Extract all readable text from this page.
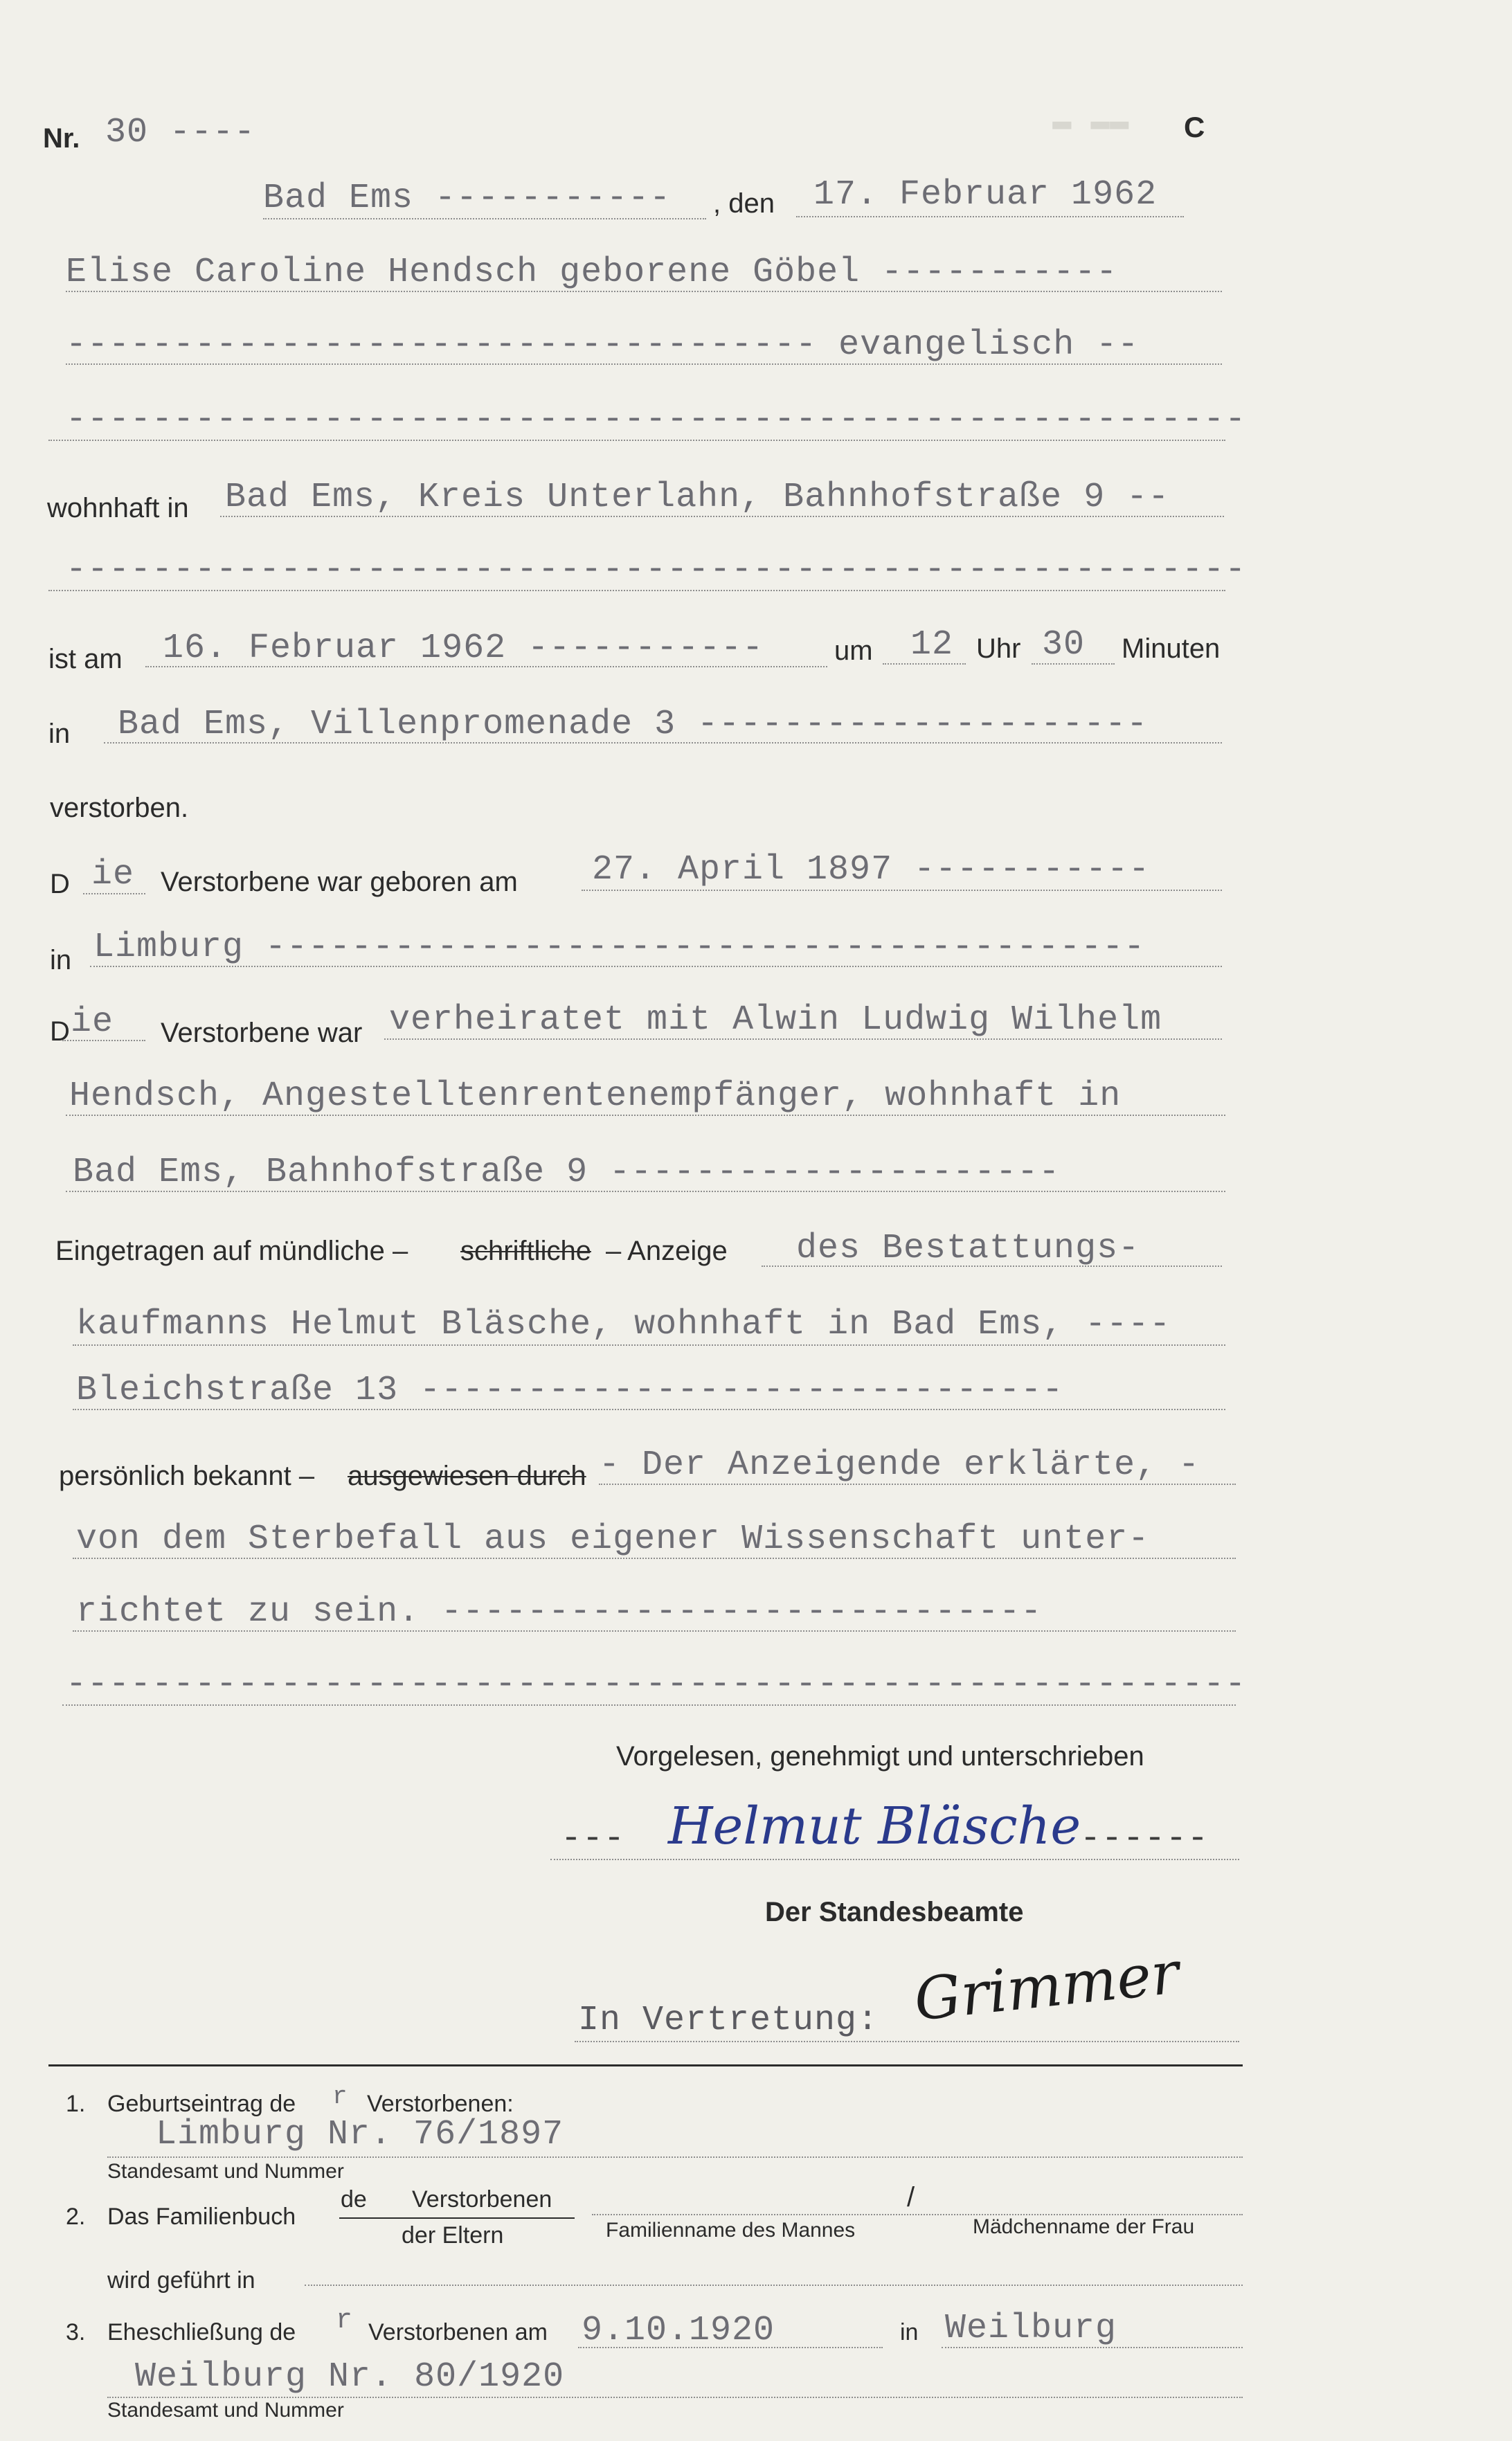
▬ ▬▬
Nr. 30 ----	C
Bad Ems ----------- , den 17. Februar 1962
Elise Caroline Hendsch geborene Göbel -----------
----------------------------------- evangelisch --
-------------------------------------------------------
wohnhaft in Bad Ems, Kreis Unterlahn, Bahnhofstraße 9 --
-------------------------------------------------------
ist am 16. Februar 1962 -----------	um 12 Uhr 30 Minuten
in Bad Ems, Villenpromenade 3 ---------------------
verstorben.
D ie Verstorbene war geboren am 27. April 1897 -----------
in Limburg -----------------------------------------
D ie Verstorbene war verheiratet mit Alwin Ludwig Wilhelm
Hendsch, Angestelltenrentenempfänger, wohnhaft in
Bad Ems, Bahnhofstraße 9 ---------------------
Eingetragen auf mündliche – schriftliche – Anzeige des Bestattungs-
kaufmanns Helmut Bläsche, wohnhaft in Bad Ems, ----
Bleichstraße 13 ------------------------------
persönlich bekannt – ausgewiesen durch - Der Anzeigende erklärte, -
von dem Sterbefall aus eigener Wissenschaft unter-
richtet zu sein. ----------------------------
-------------------------------------------------------
Vorgelesen, genehmigt und unterschrieben
--- Helmut Bläsche
------
Der Standesbeamte
In Vertretung: Grimmer
1. Geburtseintrag de r Verstorbenen:
Limburg Nr. 76/1897
Standesamt und Nummer
2. Das Familienbuch
de Verstorbenen
der Eltern
/
Familienname des Mannes	Mädchenname der Frau
wird geführt in
3. Eheschließung de r Verstorbenen am 9.10.1920	in Weilburg
Weilburg Nr. 80/1920
Standesamt und Nummer
